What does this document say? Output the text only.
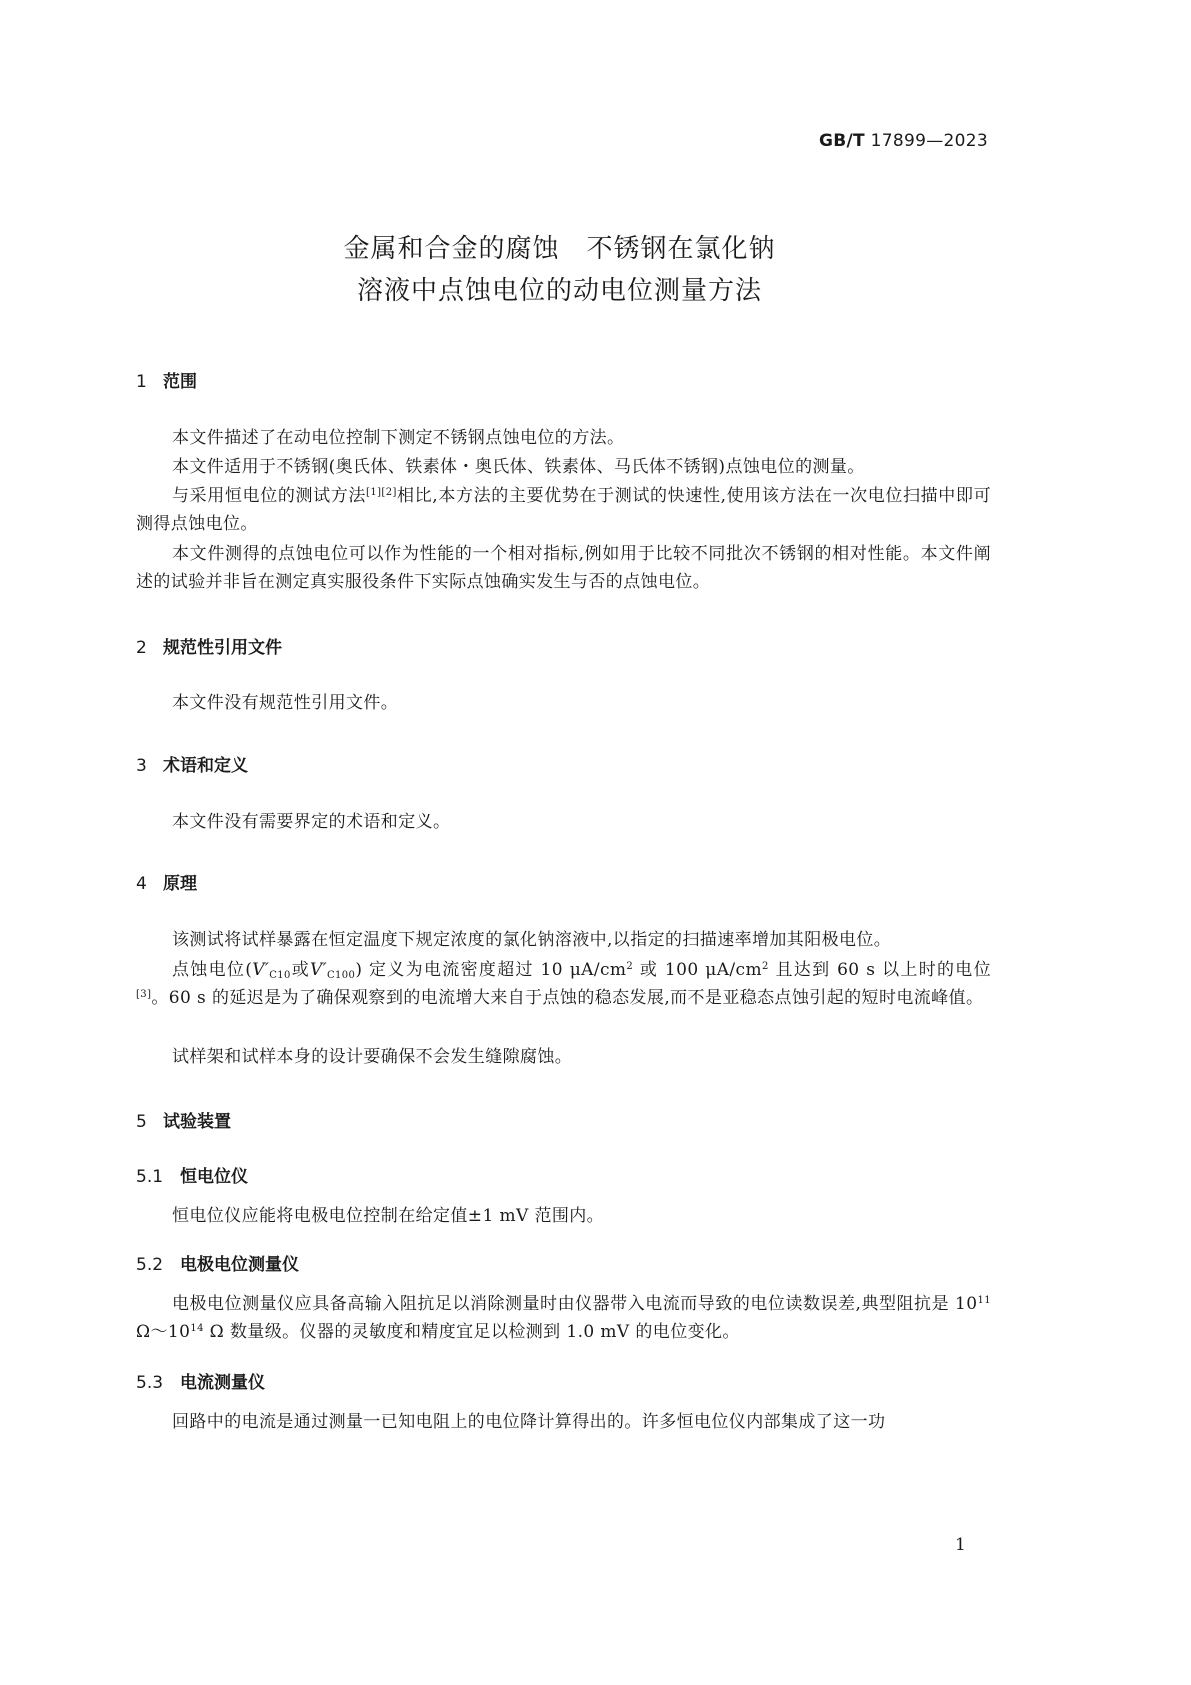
GB/T 17899—2023
金属和合金的腐蚀　不锈钢在氯化钠
溶液中点蚀电位的动电位测量方法
1 范围
本文件描述了在动电位控制下测定不锈钢点蚀电位的方法。
本文件适用于不锈钢(奥氏体、铁素体・奥氏体、铁素体、马氏体不锈钢)点蚀电位的测量。
与采用恒电位的测试方法[1][2]相比,本方法的主要优势在于测试的快速性,使用该方法在一次电位扫描中即可测得点蚀电位。
本文件测得的点蚀电位可以作为性能的一个相对指标,例如用于比较不同批次不锈钢的相对性能。本文件阐述的试验并非旨在测定真实服役条件下实际点蚀确实发生与否的点蚀电位。
2 规范性引用文件
本文件没有规范性引用文件。
3 术语和定义
本文件没有需要界定的术语和定义。
4 原理
该测试将试样暴露在恒定温度下规定浓度的氯化钠溶液中,以指定的扫描速率增加其阳极电位。
点蚀电位($V'_{C10}$或$V'_{C100}$) 定义为电流密度超过 10 $\mu A/cm^2$ 或 100 $\mu A/cm^2$ 且达到 60 s 以上时的电位[3]。60 s 的延迟是为了确保观察到的电流增大来自于点蚀的稳态发展,而不是亚稳态点蚀引起的短时电流峰值。
试样架和试样本身的设计要确保不会发生缝隙腐蚀。
5 试验装置
5.1 恒电位仪
恒电位仪应能将电极电位控制在给定值±1 mV 范围内。
5.2 电极电位测量仪
电极电位测量仪应具备高输入阻抗足以消除测量时由仪器带入电流而导致的电位读数误差,典型阻抗是 $10^{11}$ $\Omega\sim 10^{14}$ Ω 数量级。仪器的灵敏度和精度宜足以检测到 1.0 mV 的电位变化。
5.3 电流测量仪
回路中的电流是通过测量一已知电阻上的电位降计算得出的。许多恒电位仪内部集成了这一功
1
